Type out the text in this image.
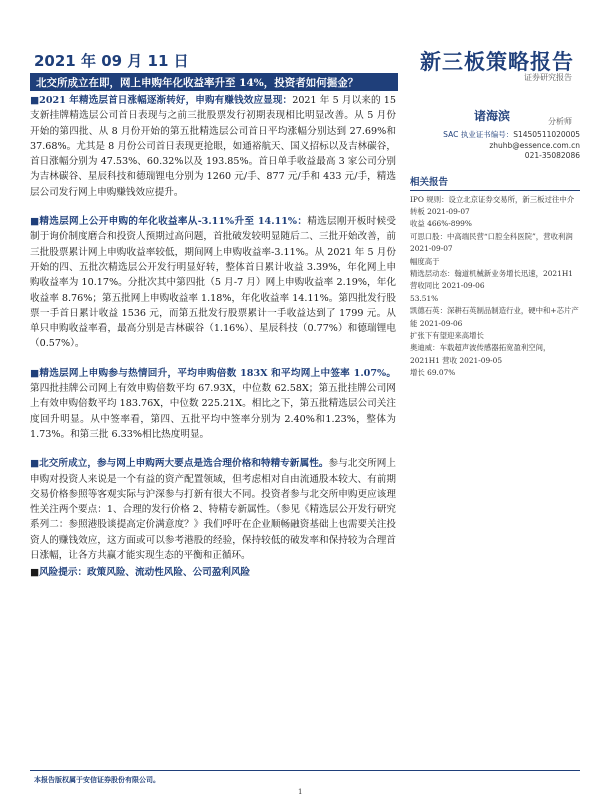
2021 年 09 月 11 日	新三板策略报告
证券研究报告
北交所成立在即，网上申购年化收益率升至 14%，投资者如何掘金？
■2021 年精选层首日涨幅逐渐转好，申购有赚钱效应显现：2021 年 5 月以来的 15 支新挂牌精选层公司首日表现与之前三批股票发行初期表现相比明显改善。从 5 月份开始的第四批、从 8 月份开始的第五批精选层公司首日平均涨幅分别达到 27.69%和 37.68%。尤其是 8 月份公司首日表现更抢眼，如通裕航天、国义招标以及吉林碳谷，首日涨幅分别为 47.53%、60.32%以及 193.85%。首日单手收益最高 3 家公司分别为吉林碳谷、星辰科技和德瑞锂电分别为 1260 元/手、877 元/手和 433 元/手，精选层公司发行网上申购赚钱效应提升。
■精选层网上公开申购的年化收益率从-3.11%升至 14.11%：精选层刚开板时候受制于询价制度磨合和投资人预期过高问题，首批破发较明显随后二、三批开始改善，前三批股票累计网上申购收益率较低，期间网上申购收益率-3.11%。从 2021 年 5 月份开始的四、五批次精选层公开发行明显好转，整体首日累计收益 3.39%，年化网上申购收益率为 10.17%。分批次其中第四批（5 月-7 月）网上申购收益率 2.19%，年化收益率 8.76%；第五批网上申购收益率 1.18%，年化收益率 14.11%。第四批发行股票一手首日累计收益 1536 元，而第五批发行股票累计一手收益达到了 1799 元。从单只申购收益率看，最高分别是吉林碳谷（1.16%）、星辰科技（0.77%）和德瑞锂电（0.57%）。
■精选层网上申购参与热情回升，平均申购倍数 183X 和平均网上中签率 1.07%。第四批挂牌公司网上有效申购倍数平均 67.93X，中位数 62.58X；第五批挂牌公司网上有效申购倍数平均 183.76X，中位数 225.21X。相比之下，第五批精选层公司关注度回升明显。从中签率看，第四、五批平均中签率分别为 2.40%和1.23%，整体为 1.73%。和第三批 6.33%相比热度明显。
■北交所成立，参与网上申购两大要点是选合理价格和特精专新属性。参与北交所网上申购对投资人来说是一个有益的资产配置领域，但考虑相对自由流通股本较大、有前期交易价格参照等客观实际与沪深参与打新有很大不同。投资者参与北交所申购更应该理性关注两个要点：1、合理的发行价格 2、特精专新属性。（参见《精选层公开发行研究系列二：参照港股谈提高定价满意度？》我们呼吁在企业顺畅融资基础上也需要关注投资人的赚钱效应，这方面或可以参考港股的经验，保持较低的破发率和保持较为合理首日涨幅，让各方共赢才能实现生态的平衡和正循环。
■风险提示：政策风险、流动性风险、公司盈利风险
诸海滨	分析师
SAC 执业证书编号：S1450511020005
zhuhb@essence.com.cn
021-35082086
相关报告
IPO 规则：设立北京证券交易所，新三板过往中介转板 2021-09-07
收益 466%-899%
可思口股：中高端民营“口腔全科医院”，营收利润 2021-09-07
幅度高于
精选层动态：翰道机械新业务增长迅速，2021H1 营收同比 2021-09-06
53.51%
凯德石英：深耕石英制品制造行业，硬中和+芯片产能 2021-09-06
扩张下有望迎来高增长
奥迪威：车载超声波传感器拓宽盈利空间，2021H1 营收 2021-09-05
增长 69.07%
本报告版权属于安信证券股份有限公司。
1
